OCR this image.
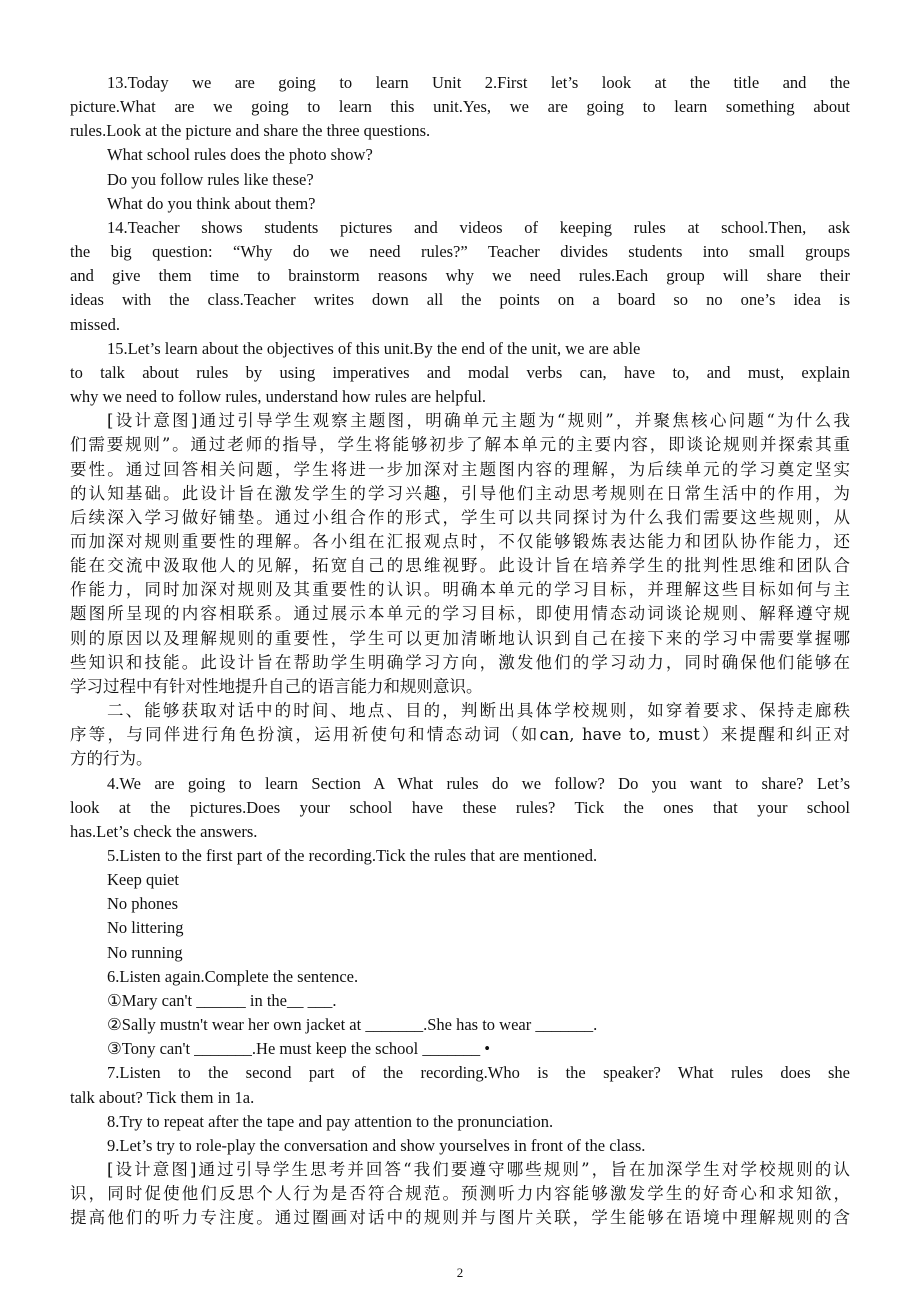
13.Today we are going to learn Unit 2.First let’s look at the title and the
picture.What are we going to learn this unit.Yes, we are going to learn something about
rules.Look at the picture and share the three questions.
What school rules does the photo show?
Do you follow rules like these?
What do you think about them?
14.Teacher shows students pictures and videos of keeping rules at school.Then, ask
the big question: “Why do we need rules?” Teacher divides students into small groups
and give them time to brainstorm reasons why we need rules.Each group will share their
ideas with the class.Teacher writes down all the points on a board so no one’s idea is
missed.
15.Let’s learn about the objectives of this unit.By the end of the unit, we are able
to talk about rules by using imperatives and modal verbs can, have to, and must, explain
why we need to follow rules, understand how rules are helpful.
[设计意图]通过引导学生观察主题图，明确单元主题为“规则”，并聚焦核心问题“为什么我
们需要规则”。通过老师的指导，学生将能够初步了解本单元的主要内容，即谈论规则并探索其重
要性。通过回答相关问题，学生将进一步加深对主题图内容的理解，为后续单元的学习奠定坚实
的认知基础。此设计旨在激发学生的学习兴趣，引导他们主动思考规则在日常生活中的作用，为
后续深入学习做好铺垫。通过小组合作的形式，学生可以共同探讨为什么我们需要这些规则，从
而加深对规则重要性的理解。各小组在汇报观点时，不仅能够锻炼表达能力和团队协作能力，还
能在交流中汲取他人的见解，拓宽自己的思维视野。此设计旨在培养学生的批判性思维和团队合
作能力，同时加深对规则及其重要性的认识。明确本单元的学习目标，并理解这些目标如何与主
题图所呈现的内容相联系。通过展示本单元的学习目标，即使用情态动词谈论规则、解释遵守规
则的原因以及理解规则的重要性，学生可以更加清晰地认识到自己在接下来的学习中需要掌握哪
些知识和技能。此设计旨在帮助学生明确学习方向，激发他们的学习动力，同时确保他们能够在
学习过程中有针对性地提升自己的语言能力和规则意识。
二、能够获取对话中的时间、地点、目的，判断出具体学校规则，如穿着要求、保持走廊秩
序等，与同伴进行角色扮演，运用祈使句和情态动词（如can, have to, must）来提醒和纠正对
方的行为。
4.We are going to learn Section A What rules do we follow? Do you want to share? Let’s
look at the pictures.Does your school have these rules? Tick the ones that your school
has.Let’s check the answers.
5.Listen to the first part of the recording.Tick the rules that are mentioned.
Keep quiet
No phones
No littering
No running
6.Listen again.Complete the sentence.
①Mary can't ______ in the__ ___.
②Sally mustn't wear her own jacket at _______.She has to wear _______.
③Tony can't _______.He must keep the school _______ •
7.Listen to the second part of the recording.Who is the speaker? What rules does she
talk about? Tick them in 1a.
8.Try to repeat after the tape and pay attention to the pronunciation.
9.Let’s try to role-play the conversation and show yourselves in front of the class.
[设计意图]通过引导学生思考并回答“我们要遵守哪些规则”，旨在加深学生对学校规则的认
识，同时促使他们反思个人行为是否符合规范。预测听力内容能够激发学生的好奇心和求知欲，
提高他们的听力专注度。通过圈画对话中的规则并与图片关联，学生能够在语境中理解规则的含
2
